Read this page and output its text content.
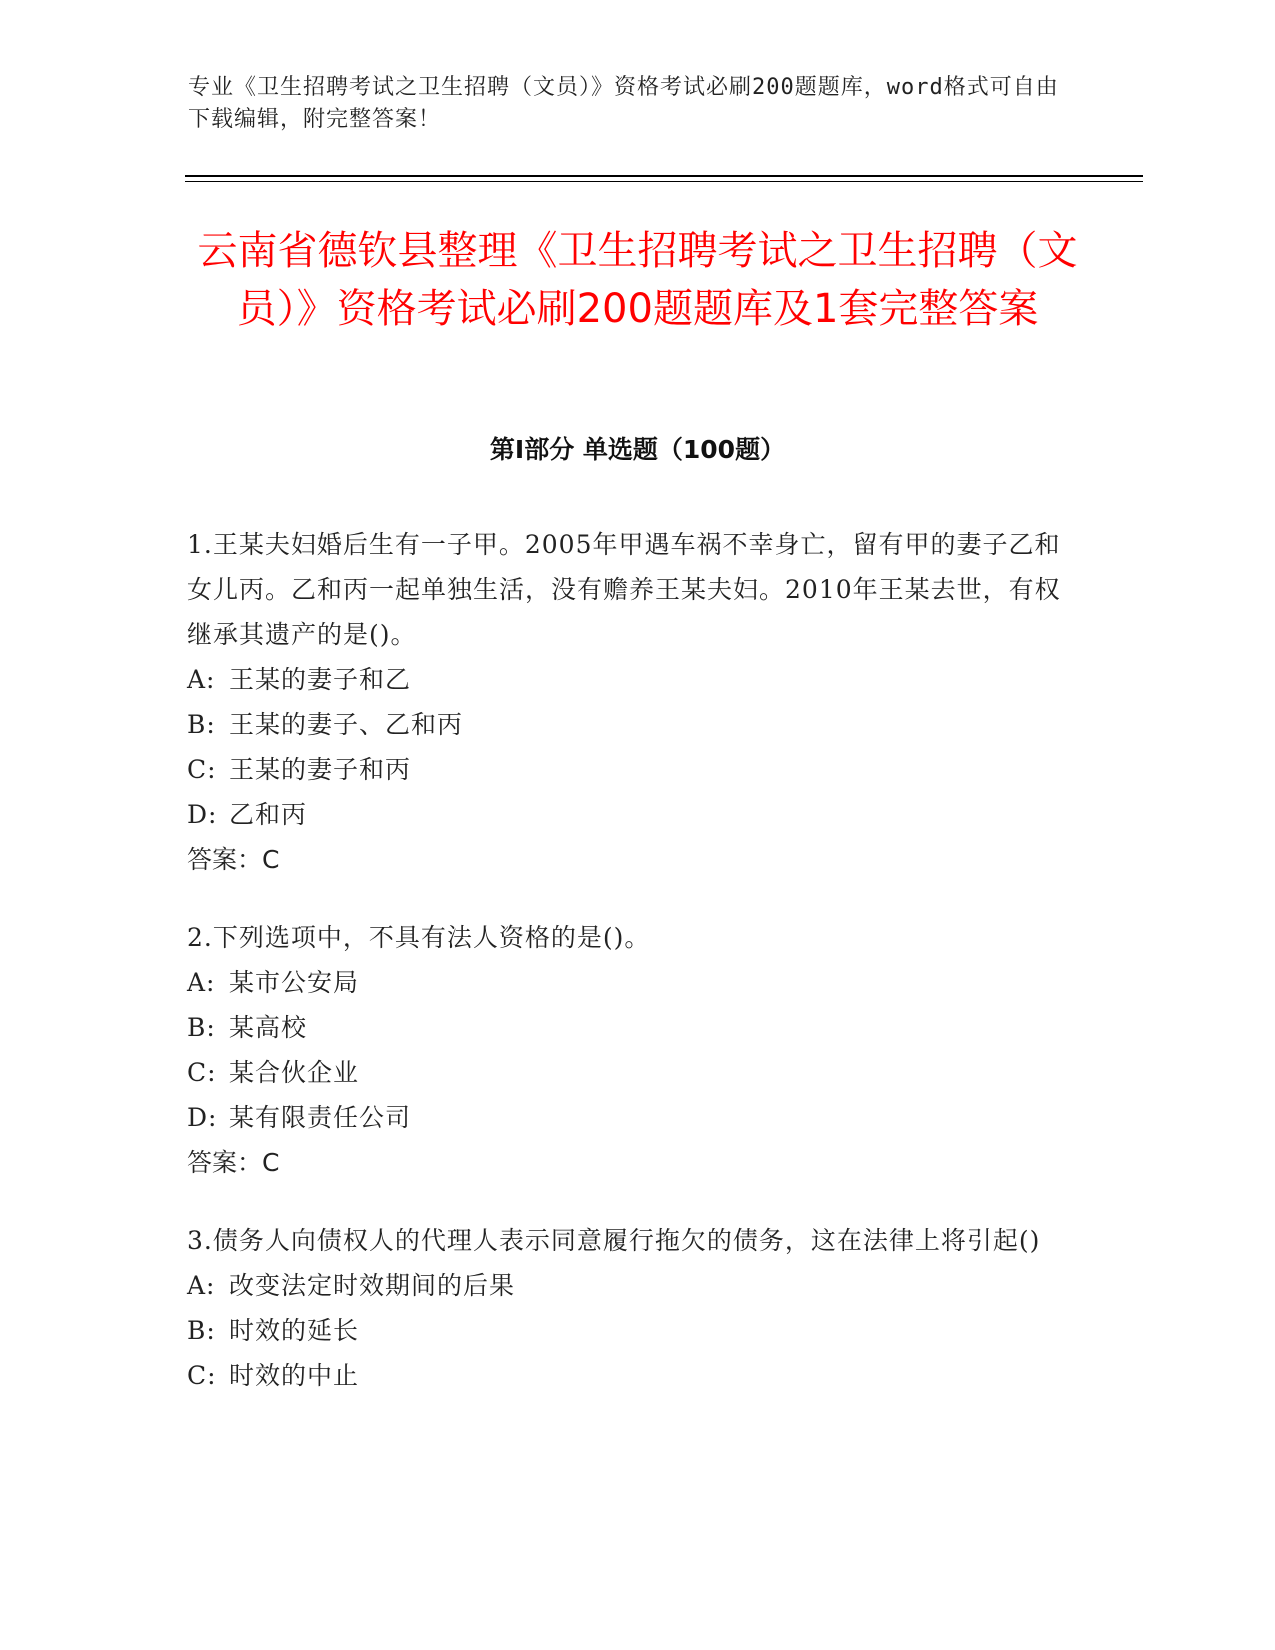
专业《卫生招聘考试之卫生招聘（文员）》资格考试必刷200题题库，word格式可自由下载编辑，附完整答案！
云南省德钦县整理《卫生招聘考试之卫生招聘（文员）》资格考试必刷200题题库及1套完整答案
第I部分 单选题（100题）
1.王某夫妇婚后生有一子甲。2005年甲遇车祸不幸身亡，留有甲的妻子乙和女儿丙。乙和丙一起单独生活，没有赡养王某夫妇。2010年王某去世，有权继承其遗产的是()。
A: 王某的妻子和乙
B: 王某的妻子、乙和丙
C: 王某的妻子和丙
D: 乙和丙
答案：C
2.下列选项中，不具有法人资格的是()。
A: 某市公安局
B: 某高校
C: 某合伙企业
D: 某有限责任公司
答案：C
3.债务人向债权人的代理人表示同意履行拖欠的债务，这在法律上将引起()
A: 改变法定时效期间的后果
B: 时效的延长
C: 时效的中止
